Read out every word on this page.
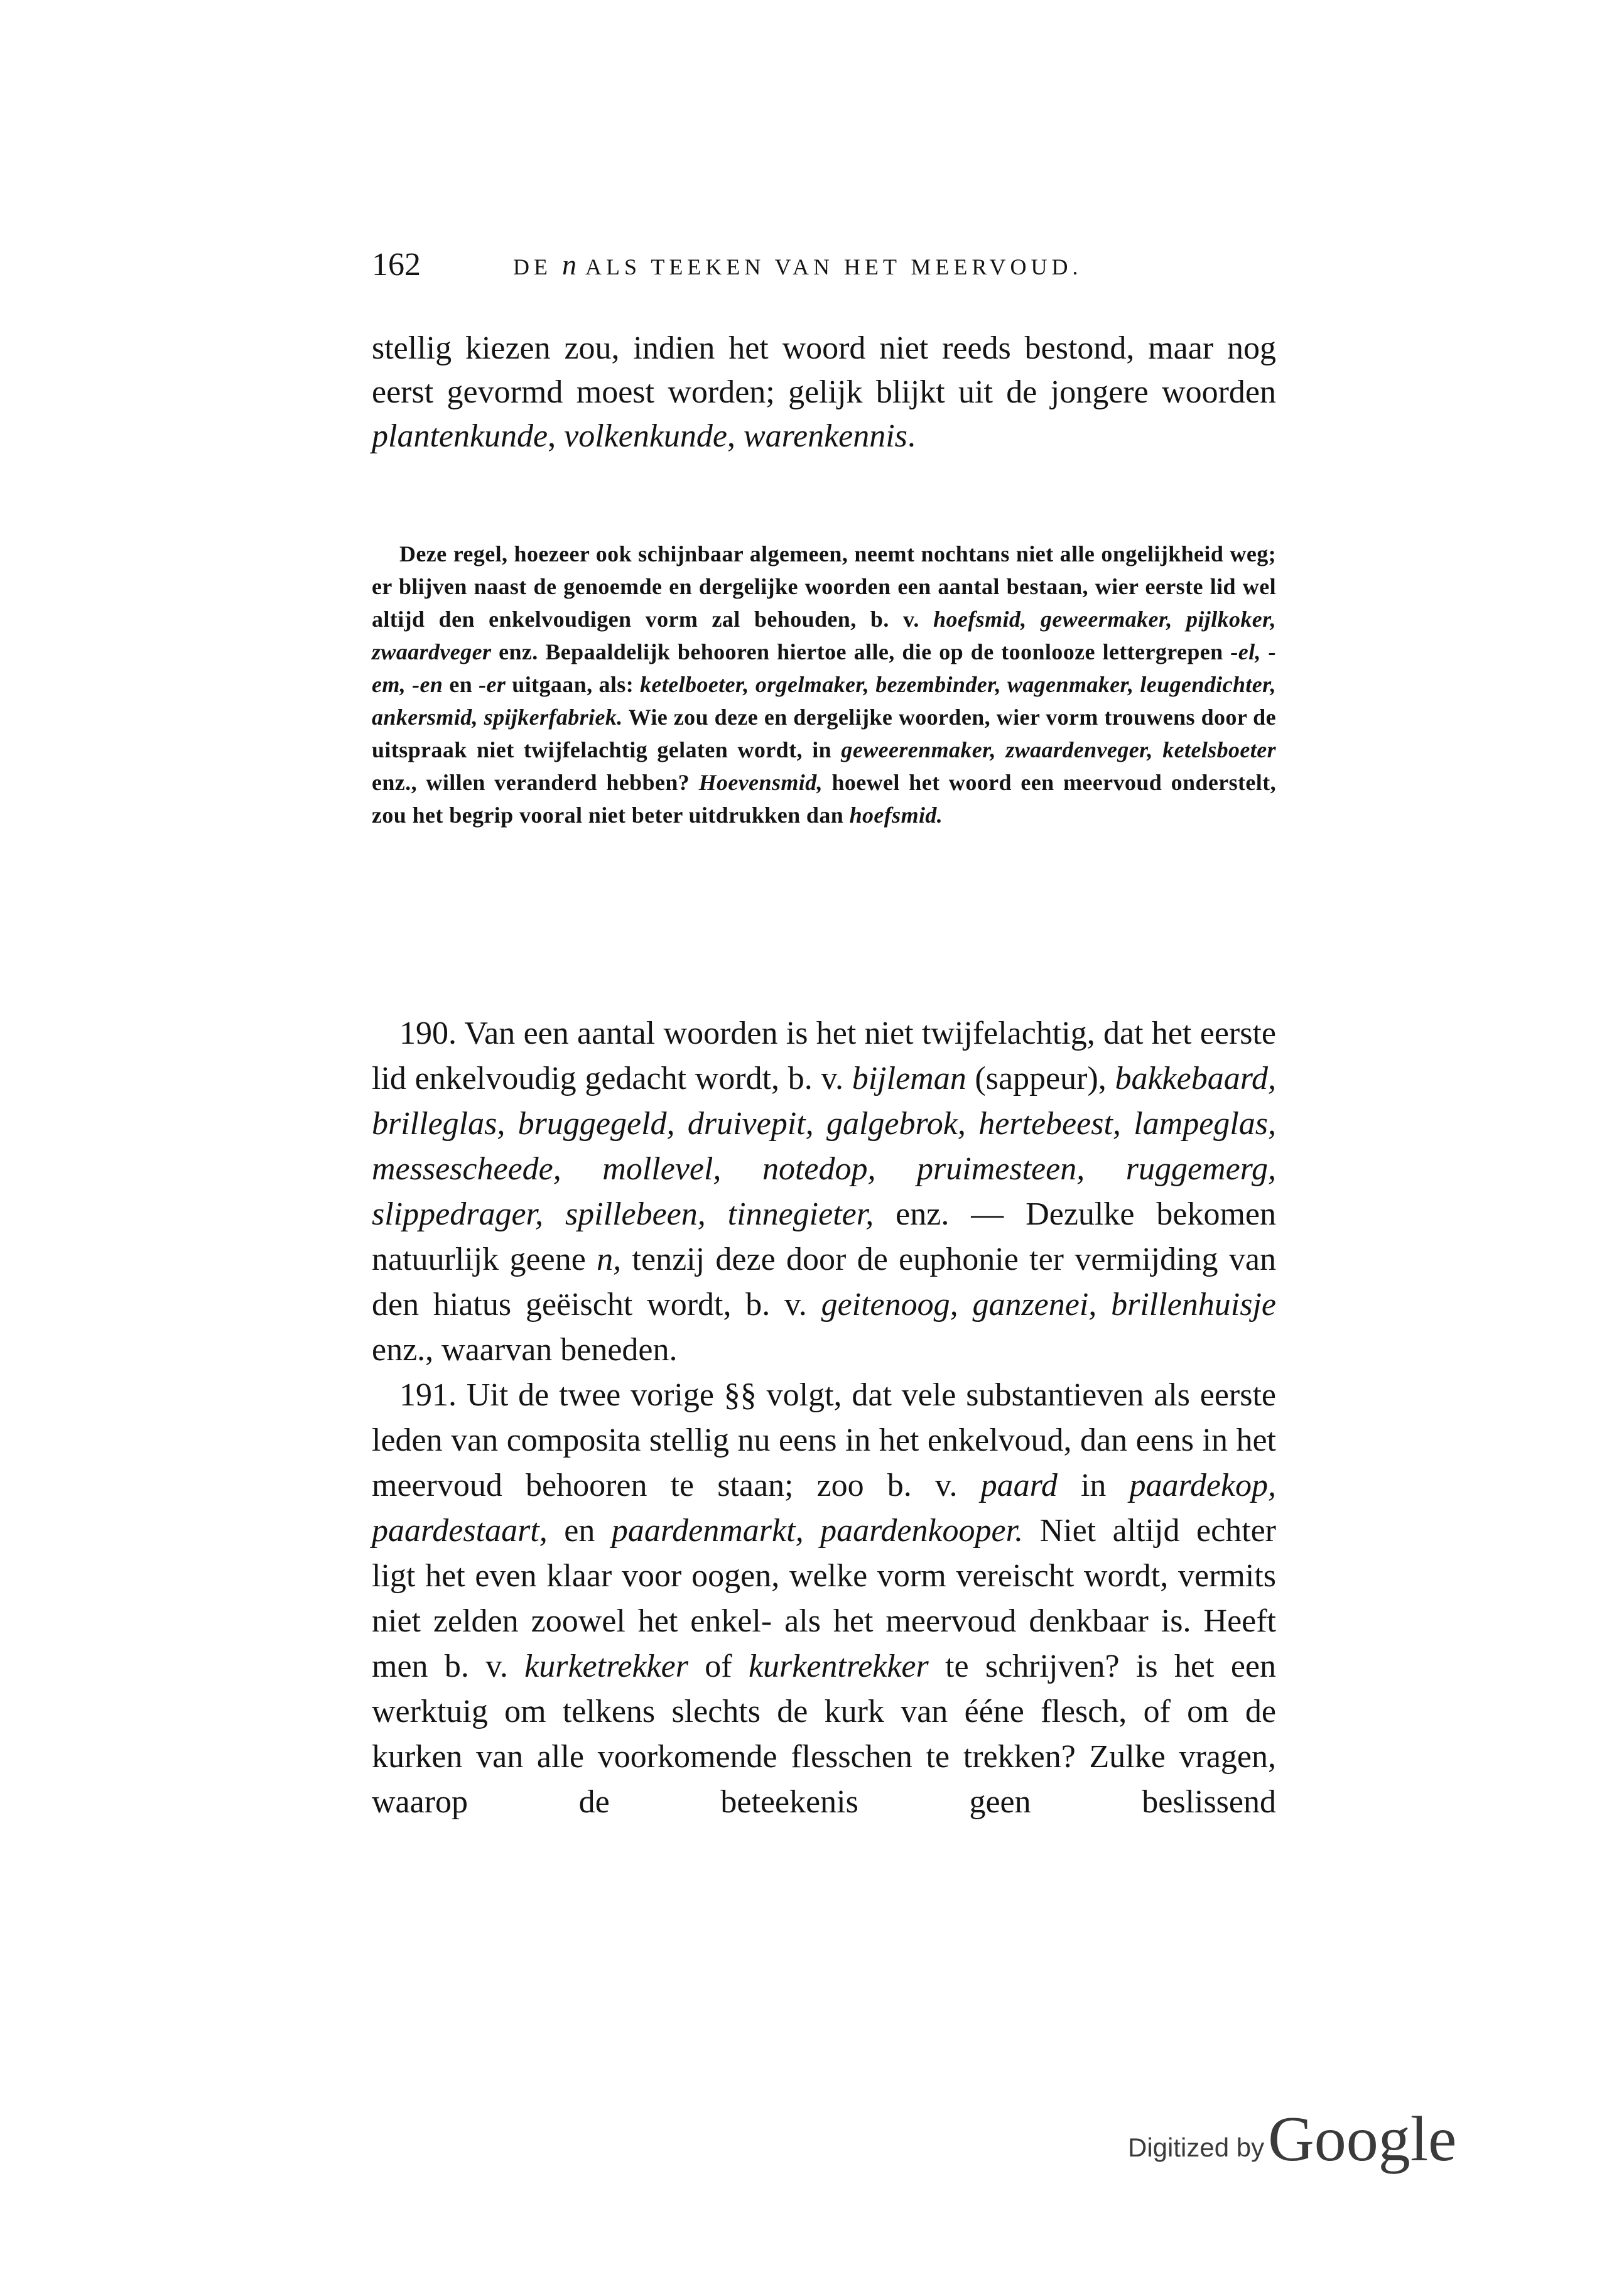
162	DE n ALS TEEKEN VAN HET MEERVOUD.
stellig kiezen zou, indien het woord niet reeds bestond, maar nog eerst gevormd moest worden; gelijk blijkt uit de jongere woorden plantenkunde, volkenkunde, warenkennis.

Deze regel, hoezeer ook schijnbaar algemeen, neemt nochtans niet alle ongelijkheid weg; er blijven naast de genoemde en dergelijke woorden een aantal bestaan, wier eerste lid wel altijd den enkelvoudigen vorm zal behouden, b. v. hoefsmid, geweermaker, pijlkoker, zwaardveger enz. Bepaaldelijk behooren hiertoe alle, die op de toonlooze lettergrepen -el, -em, -en en -er uitgaan, als: ketelboeter, orgelmaker, bezembinder, wagenmaker, leugendichter, ankersmid, spijkerfabriek. Wie zou deze en dergelijke woorden, wier vorm trouwens door de uitspraak niet twijfelachtig gelaten wordt, in geweerenmaker, zwaardenveger, ketelsboeter enz., willen veranderd hebben? Hoevensmid, hoewel het woord een meervoud onderstelt, zou het begrip vooral niet beter uitdrukken dan hoefsmid.

190. Van een aantal woorden is het niet twijfelachtig, dat het eerste lid enkelvoudig gedacht wordt, b. v. bijleman (sappeur), bakkebaard, brilleglas, bruggegeld, druivepit, galgebrok, hertebeest, lampeglas, messescheede, mollevel, notedop, pruimesteen, ruggemerg, slippedrager, spillebeen, tinnegieter, enz. — Dezulke bekomen natuurlijk geene n, tenzij deze door de euphonie ter vermijding van den hiatus geëischt wordt, b. v. geitenoog, ganzenei, brillenhuisje enz., waarvan beneden.

191. Uit de twee vorige §§ volgt, dat vele substantieven als eerste leden van composita stellig nu eens in het enkelvoud, dan eens in het meervoud behooren te staan; zoo b. v. paard in paardekop, paardestaart, en paardenmarkt, paardenkooper. Niet altijd echter ligt het even klaar voor oogen, welke vorm vereischt wordt, vermits niet zelden zoowel het enkel- als het meervoud denkbaar is. Heeft men b. v. kurketrekker of kurkentrekker te schrijven? is het een werktuig om telkens slechts de kurk van ééne flesch, of om de kurken van alle voorkomende flesschen te trekken? Zulke vragen, waarop de beteekenis geen beslissend

Digitized byGoogle
